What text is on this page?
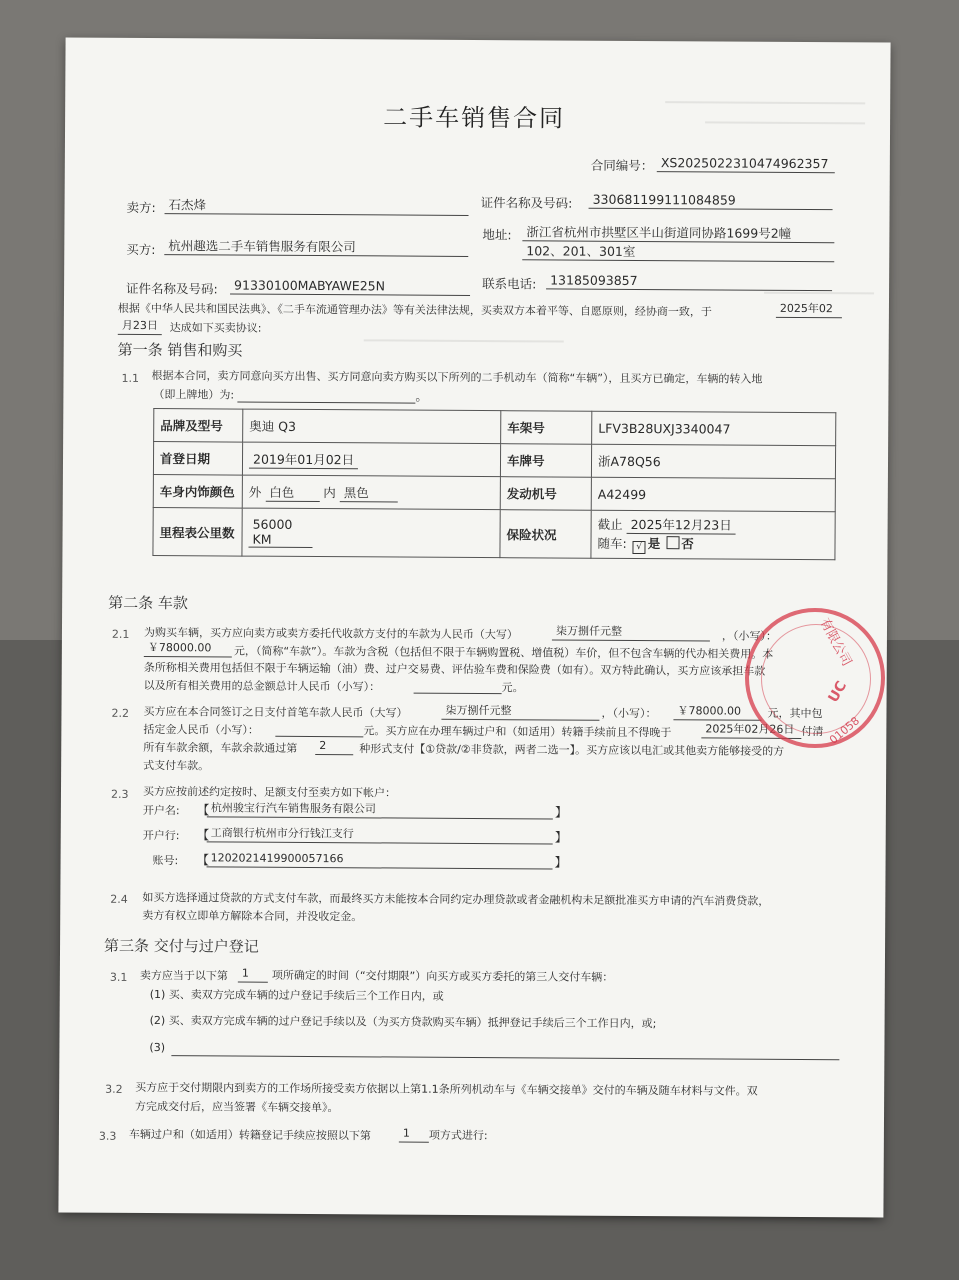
二手车销售合同
合同编号： XS20250223104749623​57
卖方:	石杰烽	证件名称及号码:	330681199111084859
买方:	杭州趣选二手车销售服务有限公司
地址:	浙江省杭州市拱墅区半山街道同协路1699号2幢
102、201、301室
证件名称及号码:	91330100MABYAWE25N	联系电话:	13185093857
根据《中华人民共和国民法典》、《二手车流通管理办法》等有关法律法规，买卖双方本着平等、自愿原则，经协商一致，于	2025年02
月23日	达成如下买卖协议:
第一条 销售和购买
1.1 根据本合同，卖方同意向买方出售、买方同意向卖方购买以下所列的二手机动车（简称“车辆”），且买方已确定，车辆的转入地
（即上牌地）为:	。
品牌及型号	奥迪 Q3	车架号	LFV3B28UXJ3340047
首登日期	2019年01月02日	车牌号	浙A78Q56
车身内饰颜色	外 白色 内 黑色	发动机号	A42499
里程表公里数	56000 KM	保险状况	截止 2025年12月23日
随车: √ 是 否
第二条 车款
2.1 为购买车辆，买方应向卖方或卖方委托代收款方支付的车款为人民币（大写）	柒万捌仟元整	，（小写）：
￥78000.00	元，（简称“车款”）。车款为含税（包括但不限于车辆购置税、增值税）车价，但不包含车辆的代办相关费用。本
条所称相关费用包括但不限于车辆运输（油）费、过户交易费、评估验车费和保险费（如有）。双方特此确认，买方应该承担车款
以及所有相关费用的总金额总计人民币（小写）：	元。
2.2 买方应在本合同签订之日支付首笔车款人民币（大写）	柒万捌仟元整	，（小写）：	￥78000.00	元，其中包
括定金人民币（小写）：	元。买方应在办理车辆过户和（如适用）转籍手续前且不得晚于	2025年02月26日 付清
所有车款余额，车款余款通过第	2	种形式支付【①贷款/②非贷款，两者二选一】。买方应该以电汇或其他卖方能够接受的方
式支付车款。
2.3 买方应按前述约定按时、足额支付至卖方如下帐户：
开户名: 【 杭州骏宝行汽车销售服务有限公司	】
开户行: 【 工商银行杭州市分行钱江支行	】
账号: 【 1202021419900057166	】
2.4 如买方选择通过贷款的方式支付车款，而最终买方未能按本合同约定办理贷款或者金融机构未足额批准买方申请的汽车消费贷款，
卖方有权立即单方解除本合同，并没收定金。
第三条 交付与过户登记
3.1 卖方应当于以下第	1	项所确定的时间（“交付期限”）向买方或买方委托的第三人交付车辆：
(1) 买、卖双方完成车辆的过户登记手续后三个工作日内，或
(2) 买、卖双方完成车辆的过户登记手续以及（为买方贷款购买车辆）抵押登记手续后三个工作日内，或;
(3)
3.2 买方应于交付期限内到卖方的工作场所接受卖方依据以上第1.1条所列机动车与《车辆交接单》交付的车辆及随车材料与文件。双
方完成交付后，应当签署《车辆交接单》。
3.3 车辆过户和（如适用）转籍登记手续应按照以下第	1	项方式进行:
有限公司
UC
01058
